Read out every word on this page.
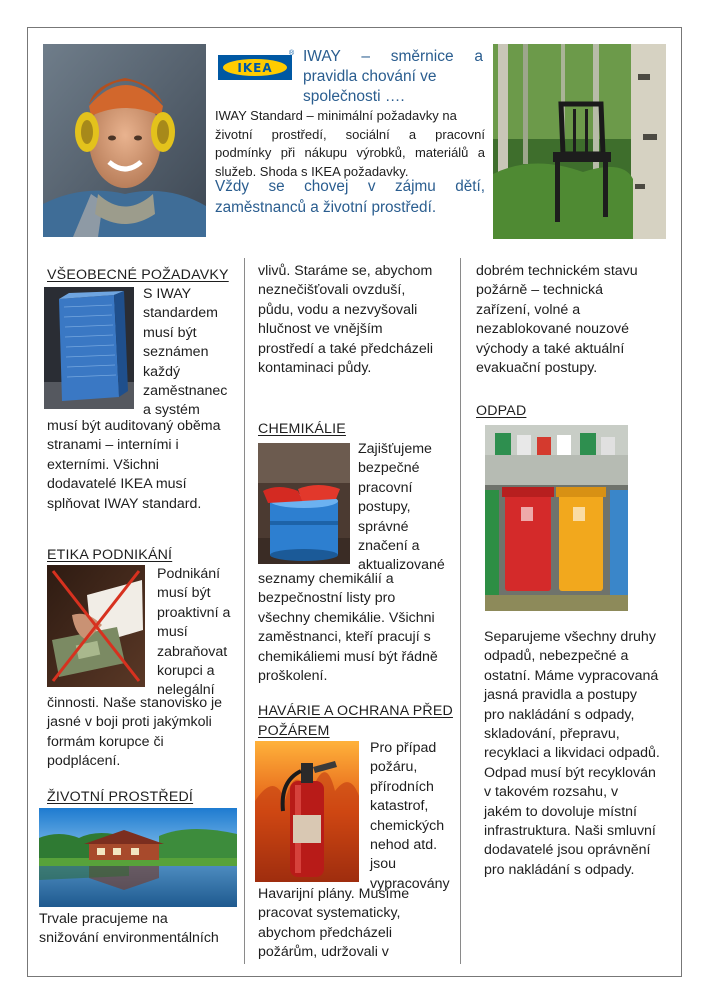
IKEA
® IWAY – směrnice a
pravidla chování ve
společnosti ….
IWAY Standard – minimální požadavky na
životní prostředí, sociální a pracovní
podmínky při nákupu výrobků, materiálů a
služeb. Shoda s IKEA požadavky.
Vždy se chovej v zájmu dětí,
zaměstnanců a životní prostředí.
VŠEOBECNÉ POŽADAVKY
S IWAY
standardem
musí být
seznámen
každý
zaměstnanec
a systém
musí být auditovaný oběma
stranami – interními i
externími. Všichni
dodavatelé IKEA musí
splňovat IWAY standard.
ETIKA PODNIKÁNÍ
Podnikání
musí být
proaktivní a
musí
zabraňovat
korupci a
nelegální
činnosti. Naše stanovisko je
jasné v boji proti jakýmkoli
formám korupce či
podplácení.
ŽIVOTNÍ PROSTŘEDÍ
Trvale pracujeme na
snižování environmentálních
vlivů. Staráme se, abychom
neznečišťovali ovzduší,
půdu, vodu a nezvyšovali
hlučnost ve vnějším
prostředí a také předcházeli
kontaminaci půdy.
CHEMIKÁLIE
Zajišťujeme
bezpečné
pracovní
postupy,
správné
značení a
aktualizované
seznamy chemikálií a
bezpečnostní listy pro
všechny chemikálie. Všichni
zaměstnanci, kteří pracují s
chemikáliemi musí být řádně
proškolení.
HAVÁRIE A OCHRANA PŘED
POŽÁREM
Pro případ
požáru,
přírodních
katastrof,
chemických
nehod atd.
jsou
vypracovány
Havarijní plány. Musíme
pracovat systematicky,
abychom předcházeli
požárům, udržovali v
dobrém technickém stavu
požárně – technická
zařízení, volné a
nezablokované nouzové
východy a také aktuální
evakuační postupy.
ODPAD
Separujeme všechny druhy
odpadů, nebezpečné a
ostatní. Máme vypracovaná
jasná pravidla a postupy
pro nakládání s odpady,
skladování, přepravu,
recyklaci a likvidaci odpadů.
Odpad musí být recyklován
v takovém rozsahu, v
jakém to dovoluje místní
infrastruktura. Naši smluvní
dodavatelé jsou oprávnění
pro nakládání s odpady.
